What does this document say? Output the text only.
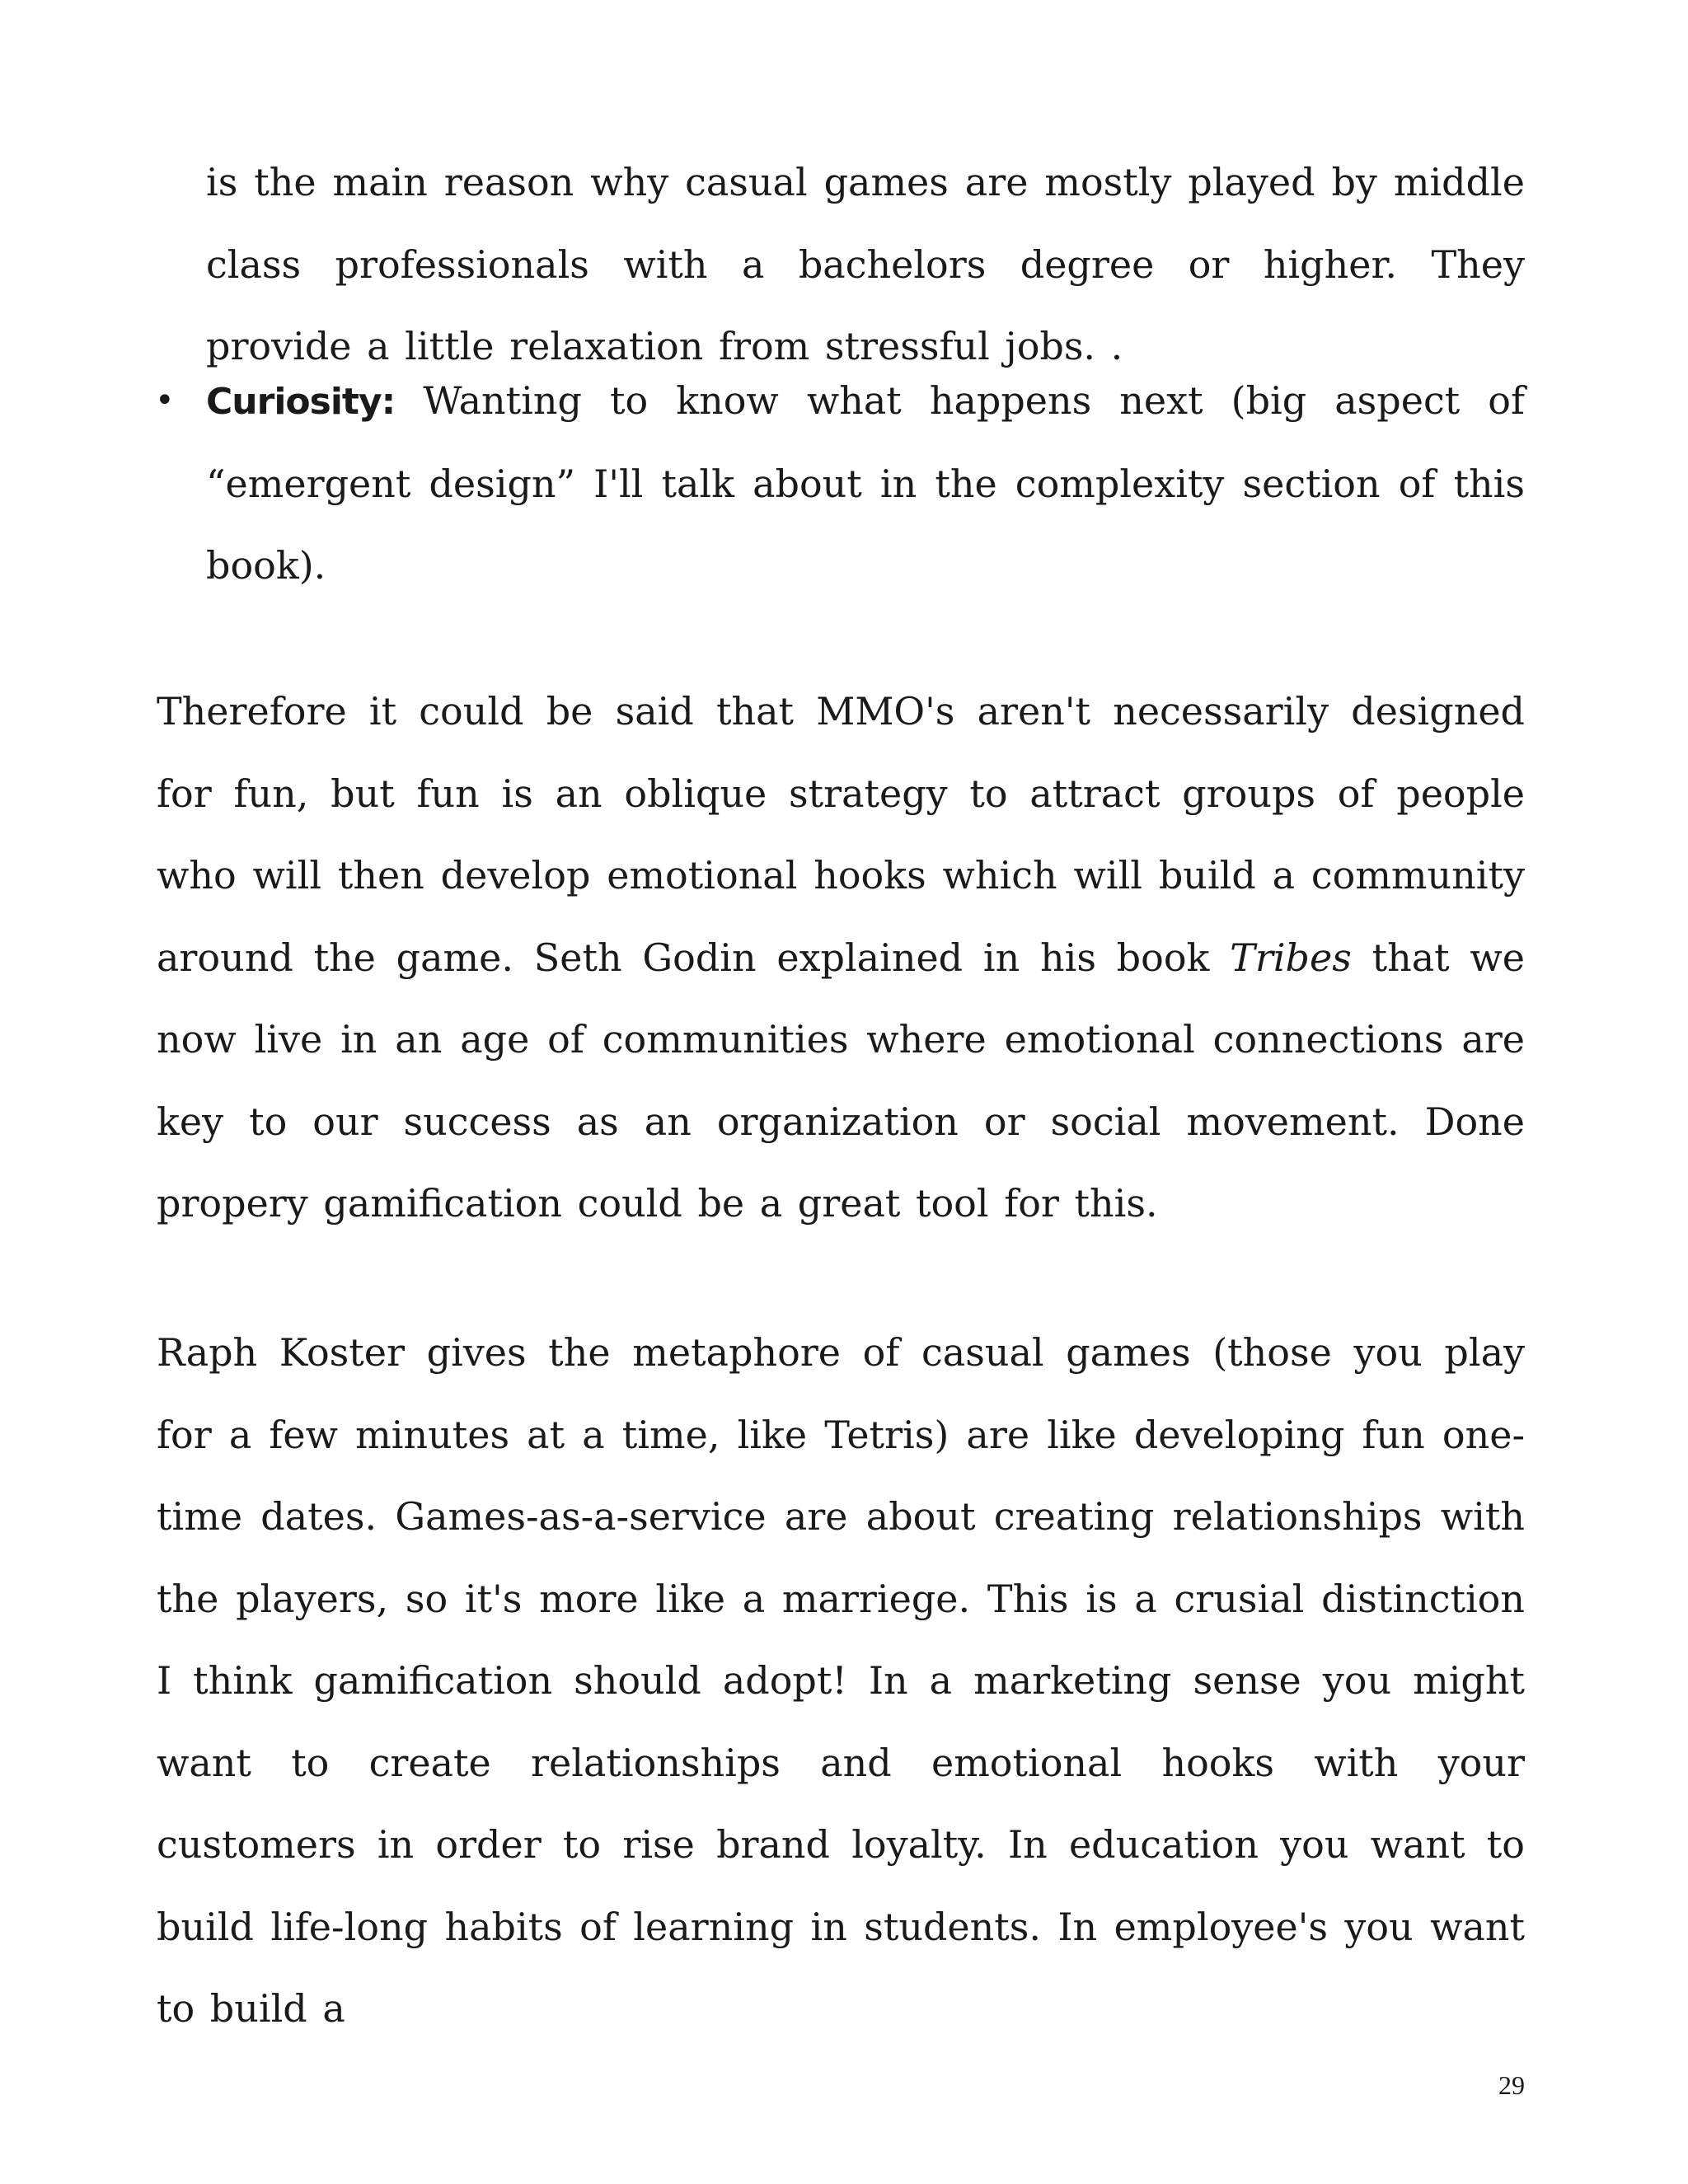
is the main reason why casual games are mostly played by middle class professionals with a bachelors degree or higher. They provide a little relaxation from stressful jobs. .
• Curiosity: Wanting to know what happens next (big aspect of “emergent design” I'll talk about in the complexity section of this book).
Therefore it could be said that MMO's aren't necessarily designed for fun, but fun is an oblique strategy to attract groups of people who will then develop emotional hooks which will build a community around the game. Seth Godin explained in his book Tribes that we now live in an age of communities where emotional connections are key to our success as an organization or social movement. Done propery gamification could be a great tool for this.
Raph Koster gives the metaphore of casual games (those you play for a few minutes at a time, like Tetris) are like developing fun one-time dates. Games-as-a-service are about creating relationships with the players, so it's more like a marriege. This is a crusial distinction I think gamification should adopt! In a marketing sense you might want to create relationships and emotional hooks with your customers in order to rise brand loyalty. In education you want to build life-long habits of learning in students. In employee's you want to build a
29
